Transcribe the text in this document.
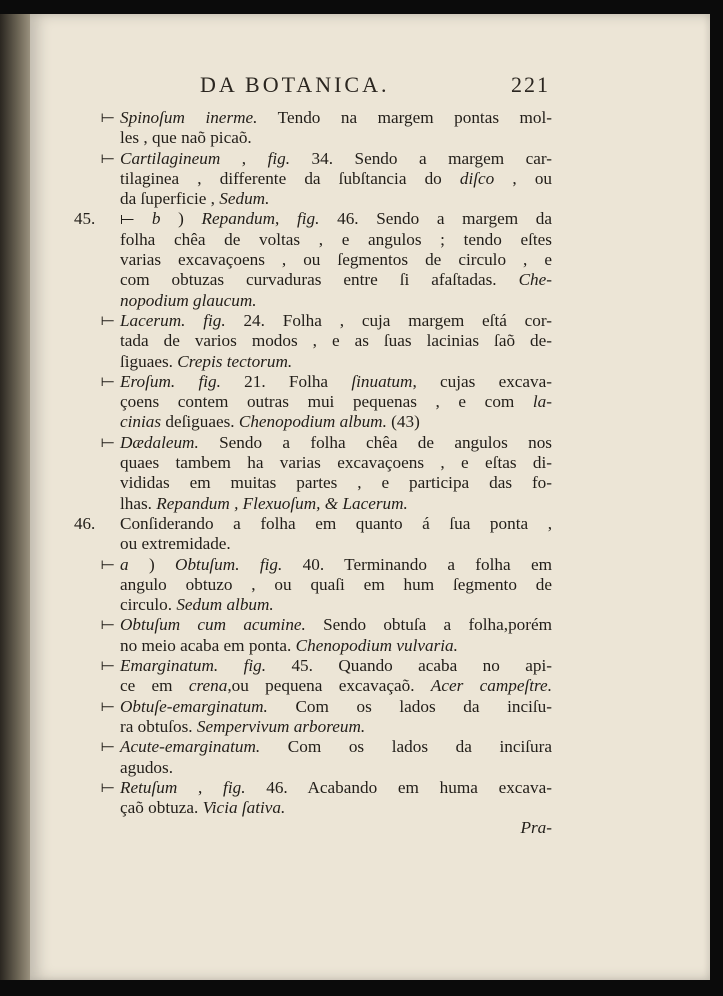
DA BOTANICA.	221
⟝ Spinoſum inerme. Tendo na margem pontas mol-
les , que naõ picaõ.
⟝ Cartilagineum , fig. 34. Sendo a margem car-
tilaginea , differente da ſubſtancia do diſco , ou
da ſuperficie , Sedum.
45. ⟝ b ) Repandum, fig. 46. Sendo a margem da
folha chêa de voltas , e angulos ; tendo eſtes
varias excavaçoens , ou ſegmentos de circulo , e
com obtuzas curvaduras entre ſi afaſtadas. Che-
nopodium glaucum.
⟝ Lacerum. fig. 24. Folha , cuja margem eſtá cor-
tada de varios modos , e as ſuas lacinias ſaõ de-
ſiguaes. Crepis tectorum.
⟝ Eroſum. fig. 21. Folha ſinuatum, cujas excava-
çoens contem outras mui pequenas , e com la-
cinias deſiguaes. Chenopodium album. (43)
⟝ Dædaleum. Sendo a folha chêa de angulos nos
quaes tambem ha varias excavaçoens , e eſtas di-
vididas em muitas partes , e participa das fo-
lhas. Repandum , Flexuoſum, & Lacerum.
46. Conſiderando a folha em quanto á ſua ponta ,
ou extremidade.
⟝ a ) Obtuſum. fig. 40. Terminando a folha em
angulo obtuzo , ou quaſi em hum ſegmento de
circulo. Sedum album.
⟝ Obtuſum cum acumine. Sendo obtuſa a folha,porém
no meio acaba em ponta. Chenopodium vulvaria.
⟝ Emarginatum. fig. 45. Quando acaba no api-
ce em crena,ou pequena excavaçaõ. Acer campeſtre.
⟝ Obtuſe-emarginatum. Com os lados da inciſu-
ra obtuſos. Sempervivum arboreum.
⟝ Acute-emarginatum. Com os lados da inciſura
agudos.
⟝ Retuſum , fig. 46. Acabando em huma excava-
çaõ obtuza. Vicia ſativa.
Pra-
